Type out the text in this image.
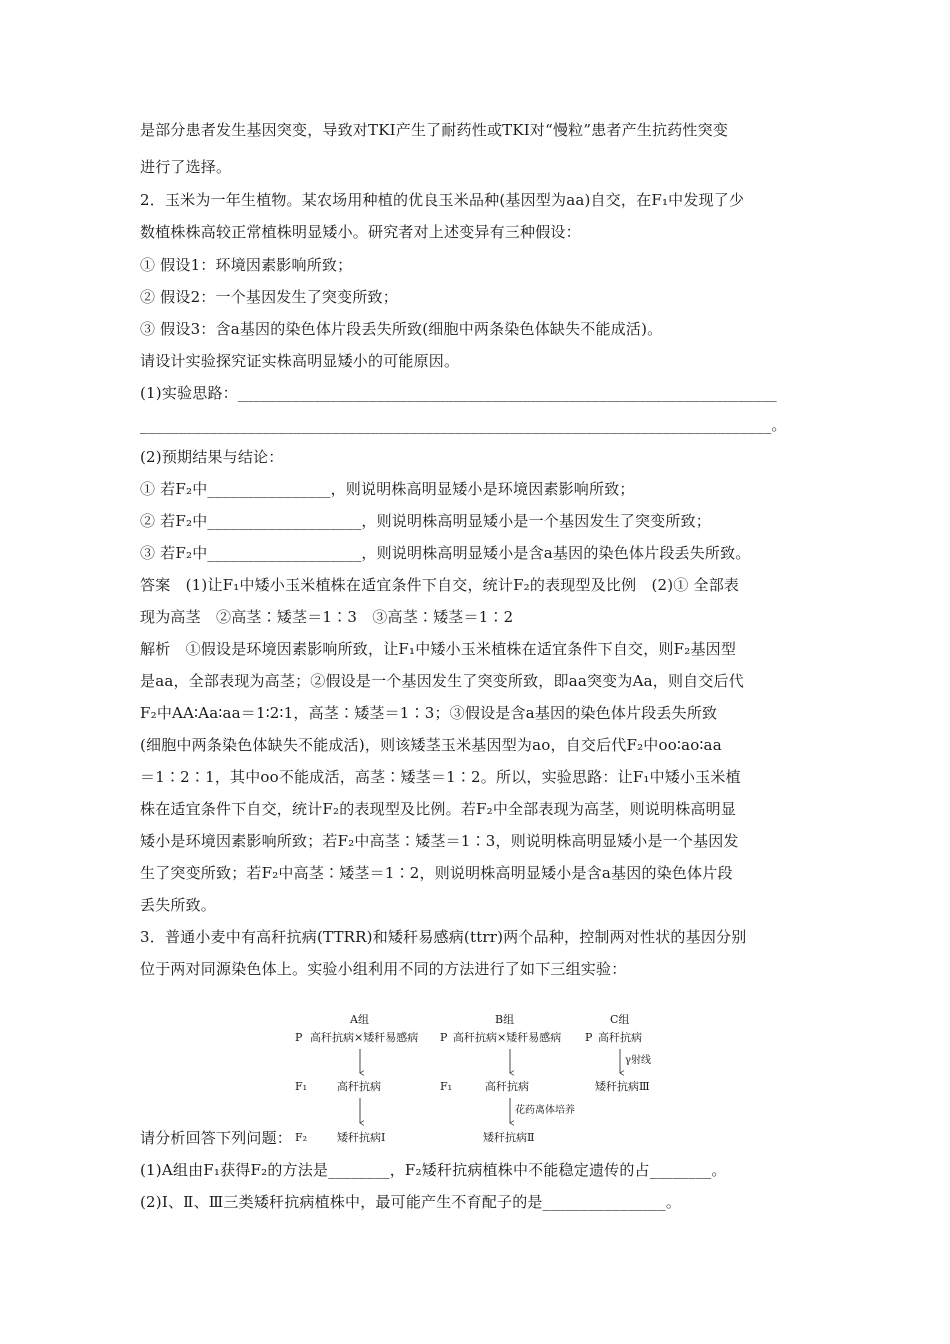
是部分患者发生基因突变，导致对TKI产生了耐药性或TKI对“慢粒”患者产生抗药性突变
进行了选择。
2．玉米为一年生植物。某农场用种植的优良玉米品种(基因型为aa)自交，在F₁中发现了少
数植株株高较正常植株明显矮小。研究者对上述变异有三种假设：
① 假设1：环境因素影响所致；
② 假设2：一个基因发生了突变所致；
③ 假设3：含a基因的染色体片段丢失所致(细胞中两条染色体缺失不能成活)。
请设计实验探究证实株高明显矮小的可能原因。
(1)实验思路：______________________________________________________________________
__________________________________________________________________________________。
(2)预期结果与结论：
① 若F₂中________________，则说明株高明显矮小是环境因素影响所致；
② 若F₂中____________________，则说明株高明显矮小是一个基因发生了突变所致；
③ 若F₂中____________________，则说明株高明显矮小是含a基因的染色体片段丢失所致。
答案　(1)让F₁中矮小玉米植株在适宜条件下自交，统计F₂的表现型及比例　(2)① 全部表
现为高茎　②高茎∶矮茎＝1∶3　③高茎∶矮茎＝1∶2
解析　①假设是环境因素影响所致，让F₁中矮小玉米植株在适宜条件下自交，则F₂基因型
是aa，全部表现为高茎；②假设是一个基因发生了突变所致，即aa突变为Aa，则自交后代
F₂中AA∶Aa∶aa＝1∶2∶1，高茎∶矮茎＝1∶3；③假设是含a基因的染色体片段丢失所致
(细胞中两条染色体缺失不能成活)，则该矮茎玉米基因型为ao，自交后代F₂中oo∶ao∶aa
＝1∶2∶1，其中oo不能成活，高茎∶矮茎＝1∶2。所以，实验思路：让F₁中矮小玉米植
株在适宜条件下自交，统计F₂的表现型及比例。若F₂中全部表现为高茎，则说明株高明显
矮小是环境因素影响所致；若F₂中高茎∶矮茎＝1∶3，则说明株高明显矮小是一个基因发
生了突变所致；若F₂中高茎∶矮茎＝1∶2，则说明株高明显矮小是含a基因的染色体片段
丢失所致。
3．普通小麦中有高秆抗病(TTRR)和矮秆易感病(ttrr)两个品种，控制两对性状的基因分别
位于两对同源染色体上。实验小组利用不同的方法进行了如下三组实验：
A组
P 高秆抗病×矮秆易感病
F₁	高秆抗病
F₂	矮秆抗病Ⅰ
B组
P 高秆抗病×矮秆易感病
F₁	高秆抗病
花药离体培养
矮秆抗病Ⅱ
C组
P 高秆抗病
γ射线
矮秆抗病Ⅲ
请分析回答下列问题：
(1)A组由F₁获得F₂的方法是________，F₂矮秆抗病植株中不能稳定遗传的占________。
(2)Ⅰ、Ⅱ、Ⅲ三类矮秆抗病植株中，最可能产生不育配子的是________________。
